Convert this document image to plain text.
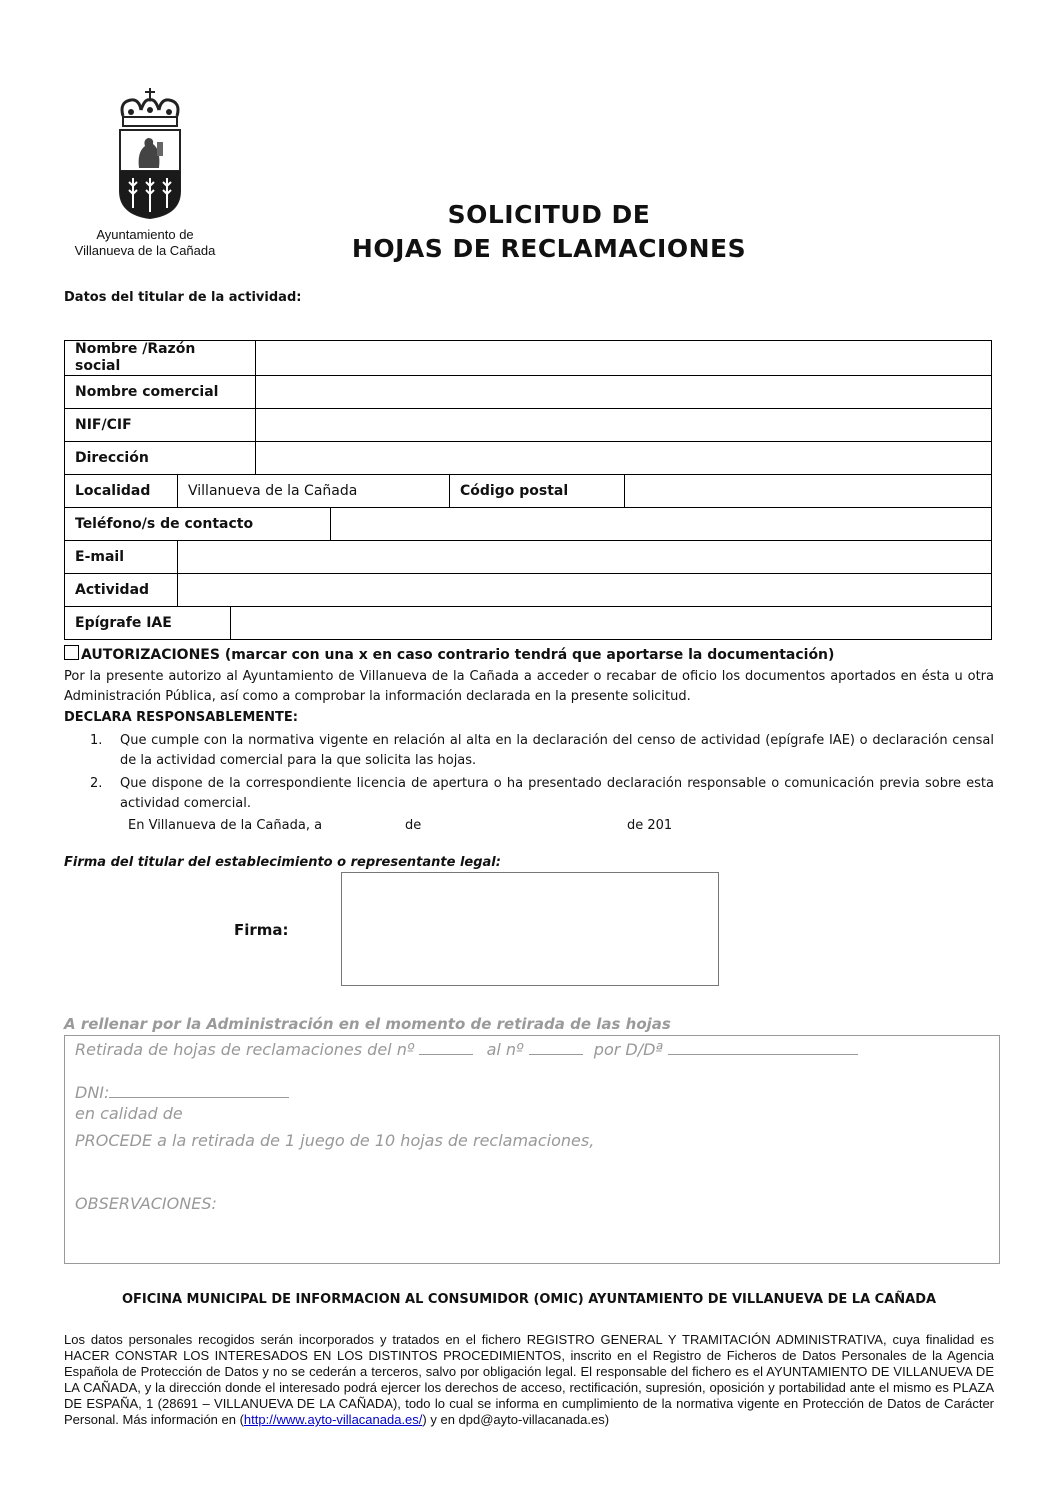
Ayuntamiento de
Villanueva de la Cañada
SOLICITUD DE
HOJAS DE RECLAMACIONES
Datos del titular de la actividad:
Nombre /Razón social
Nombre comercial
NIF/CIF
Dirección
Localidad	Villanueva de la Cañada	Código postal
Teléfono/s de contacto
E-mail
Actividad
Epígrafe IAE
AUTORIZACIONES (marcar con una x en caso contrario tendrá que aportarse la documentación)
Por la presente autorizo al Ayuntamiento de Villanueva de la Cañada a acceder o recabar de oficio los documentos aportados en ésta u otra Administración Pública, así como a comprobar la información declarada en la presente solicitud.
DECLARA RESPONSABLEMENTE:
1. Que cumple con la normativa vigente en relación al alta en la declaración del censo de actividad (epígrafe IAE) o declaración censal de la actividad comercial para la que solicita las hojas.
2. Que dispone de la correspondiente licencia de apertura o ha presentado declaración responsable o comunicación previa sobre esta actividad comercial.
En Villanueva de la Cañada, a	de	de 201
Firma del titular del establecimiento o representante legal:
Firma:
A rellenar por la Administración en el momento de retirada de las hojas
Retirada de hojas de reclamaciones del nº	al nº	por D/Dª
DNI:
en calidad de
PROCEDE a la retirada de 1 juego de 10 hojas de reclamaciones,
OBSERVACIONES:
OFICINA MUNICIPAL DE INFORMACION AL CONSUMIDOR (OMIC) AYUNTAMIENTO DE VILLANUEVA DE LA CAÑADA
Los datos personales recogidos serán incorporados y tratados en el fichero REGISTRO GENERAL Y TRAMITACIÓN ADMINISTRATIVA, cuya finalidad es HACER CONSTAR LOS INTERESADOS EN LOS DISTINTOS PROCEDIMIENTOS, inscrito en el Registro de Ficheros de Datos Personales de la Agencia Española de Protección de Datos y no se cederán a terceros, salvo por obligación legal. El responsable del fichero es el AYUNTAMIENTO DE VILLANUEVA DE LA CAÑADA, y la dirección donde el interesado podrá ejercer los derechos de acceso, rectificación, supresión, oposición y portabilidad ante el mismo es PLAZA DE ESPAÑA, 1 (28691 – VILLANUEVA DE LA CAÑADA), todo lo cual se informa en cumplimiento de la normativa vigente en Protección de Datos de Carácter Personal. Más información en (http://www.ayto-villacanada.es/) y en dpd@ayto-villacanada.es)
